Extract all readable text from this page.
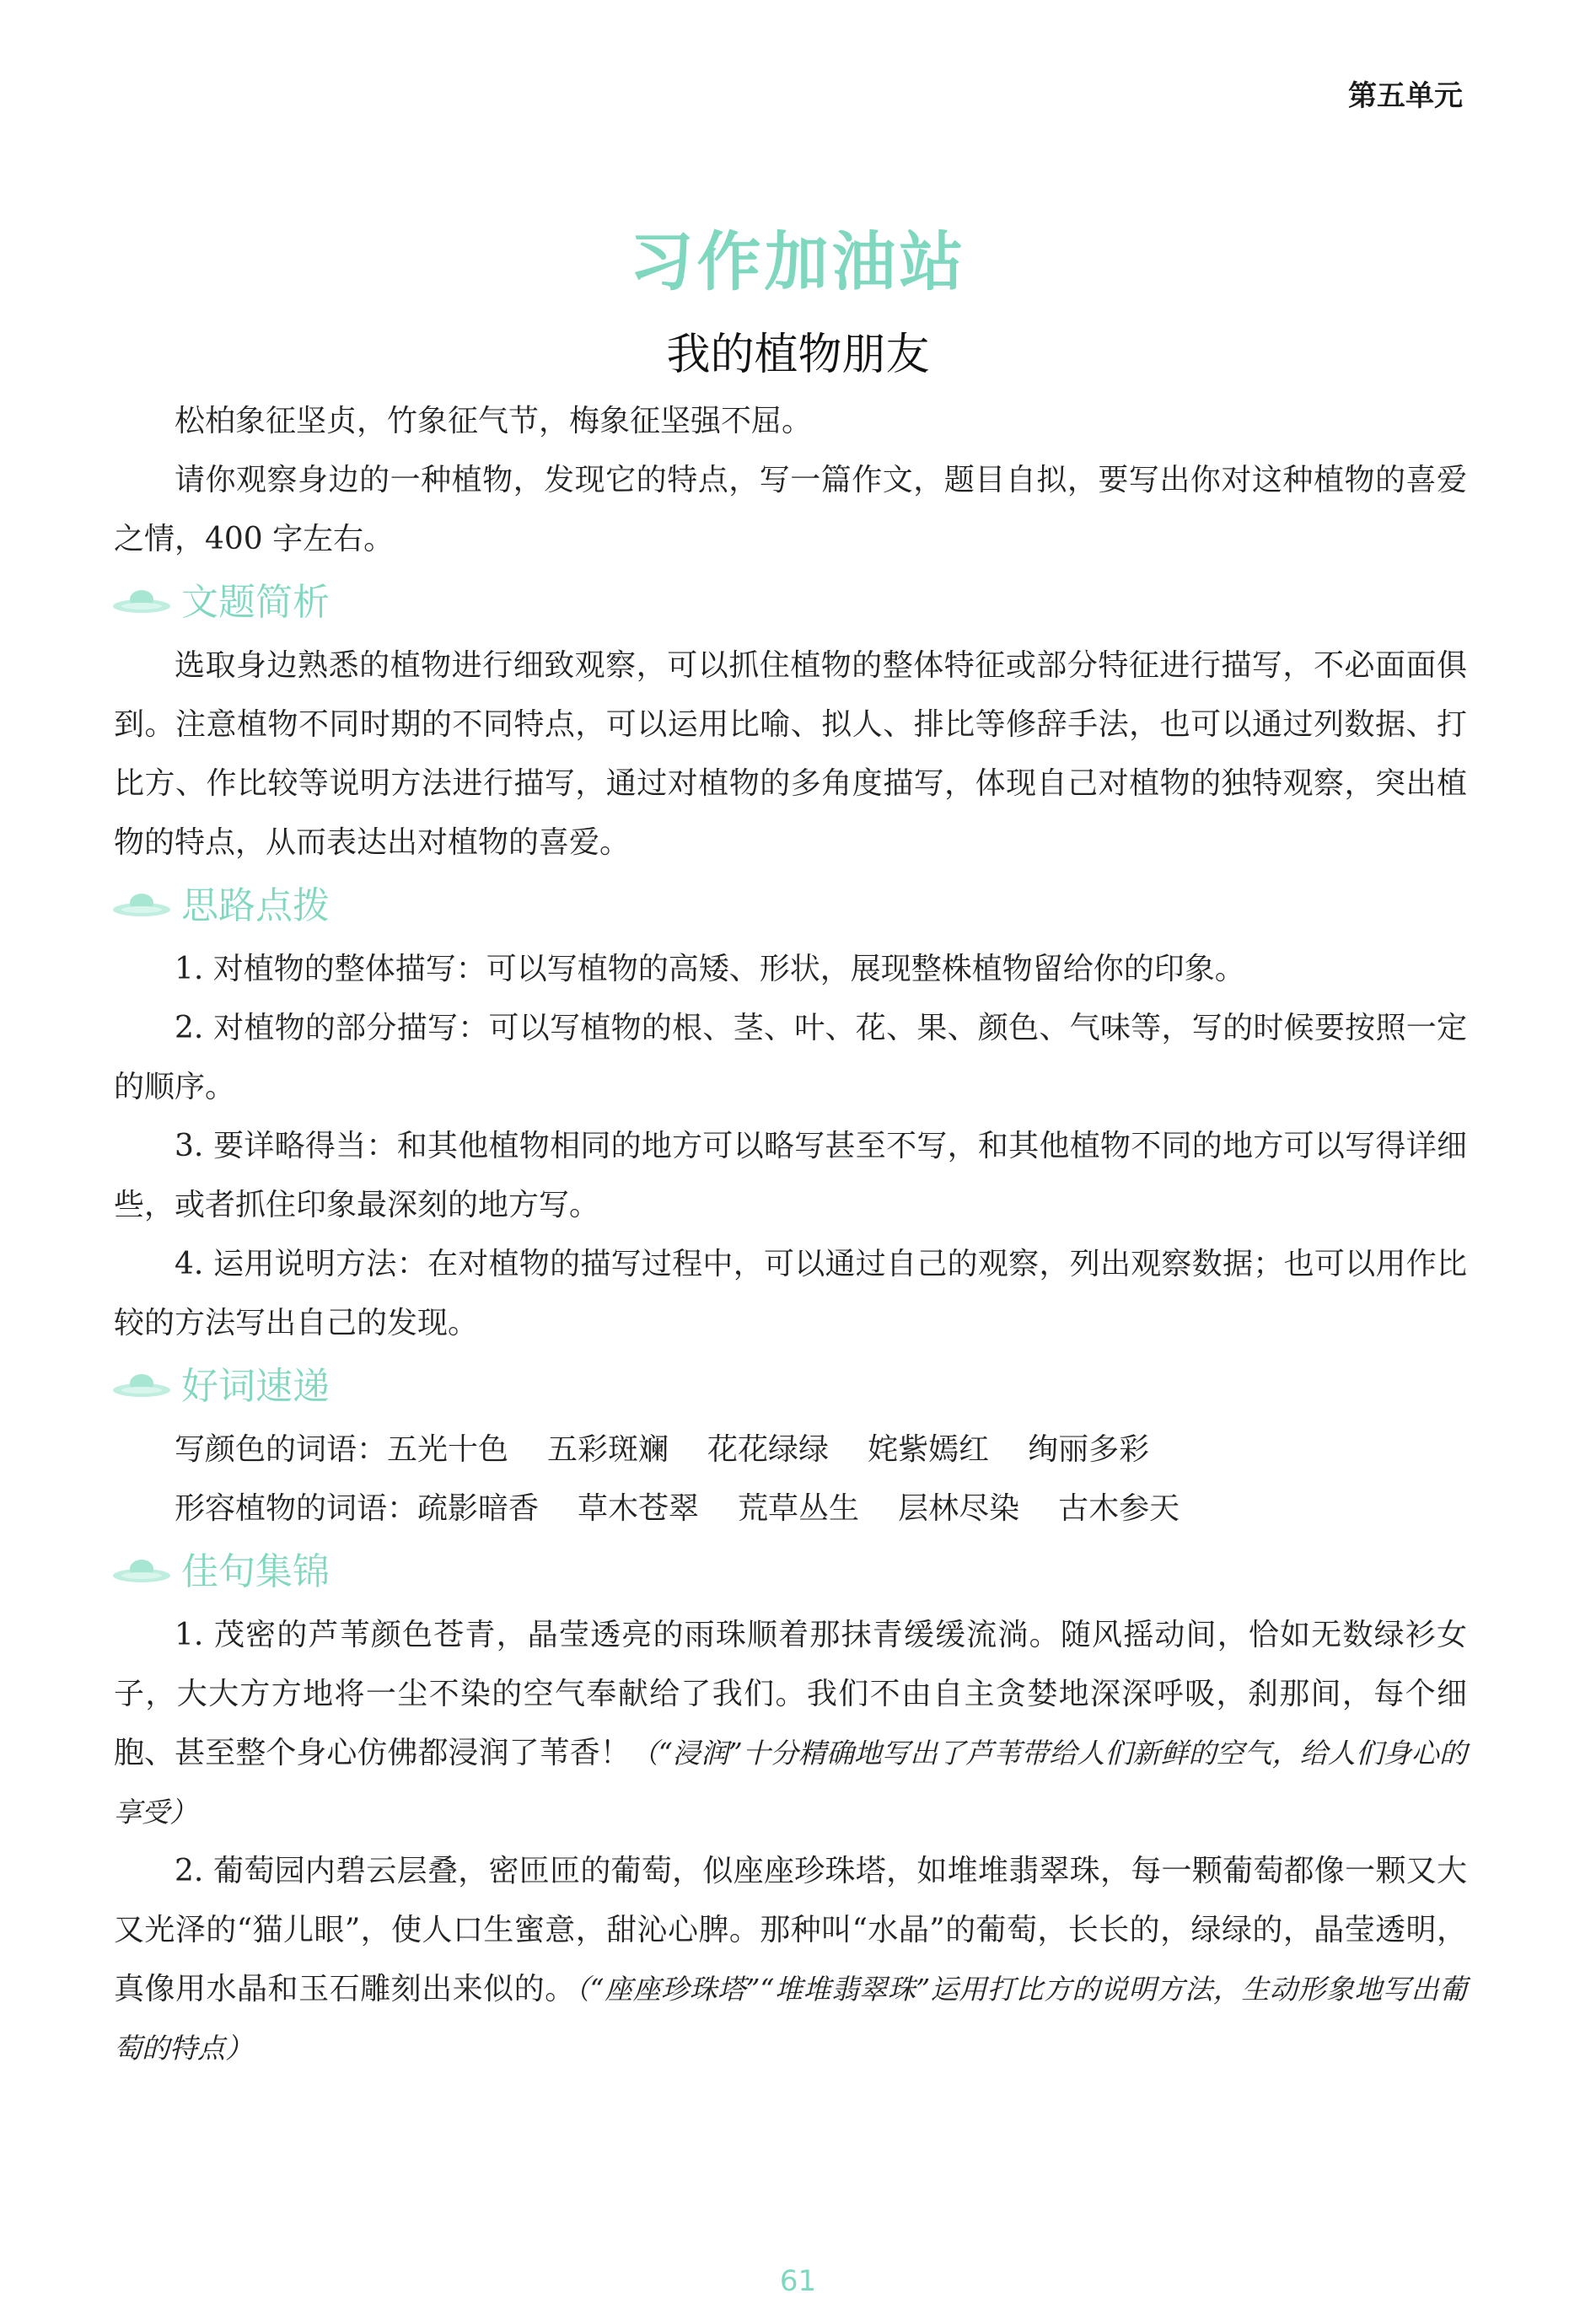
第五单元
习作加油站
我的植物朋友

松柏象征坚贞，竹象征气节，梅象征坚强不屈。

请你观察身边的一种植物，发现它的特点，写一篇作文，题目自拟，要写出你对这种植物的喜爱之情，400 字左右。

文题简析

选取身边熟悉的植物进行细致观察，可以抓住植物的整体特征或部分特征进行描写，不必面面俱到。注意植物不同时期的不同特点，可以运用比喻、拟人、排比等修辞手法，也可以通过列数据、打比方、作比较等说明方法进行描写，通过对植物的多角度描写，体现自己对植物的独特观察，突出植物的特点，从而表达出对植物的喜爱。

思路点拨

1. 对植物的整体描写：可以写植物的高矮、形状，展现整株植物留给你的印象。

2. 对植物的部分描写：可以写植物的根、茎、叶、花、果、颜色、气味等，写的时候要按照一定的顺序。

3. 要详略得当：和其他植物相同的地方可以略写甚至不写，和其他植物不同的地方可以写得详细些，或者抓住印象最深刻的地方写。

4. 运用说明方法：在对植物的描写过程中，可以通过自己的观察，列出观察数据；也可以用作比较的方法写出自己的发现。

好词速递
写颜色的词语：五光十色 五彩斑斓 花花绿绿 姹紫嫣红 绚丽多彩
形容植物的词语：疏影暗香 草木苍翠 荒草丛生 层林尽染 古木参天
佳句集锦

1. 茂密的芦苇颜色苍青，晶莹透亮的雨珠顺着那抹青缓缓流淌。随风摇动间，恰如无数绿衫女子，大大方方地将一尘不染的空气奉献给了我们。我们不由自主贪婪地深深呼吸，刹那间，每个细胞、甚至整个身心仿佛都浸润了苇香！（“浸润”十分精确地写出了芦苇带给人们新鲜的空气，给人们身心的享受）

2. 葡萄园内碧云层叠，密匝匝的葡萄，似座座珍珠塔，如堆堆翡翠珠，每一颗葡萄都像一颗又大又光泽的“猫儿眼”，使人口生蜜意，甜沁心脾。那种叫“水晶”的葡萄，长长的，绿绿的，晶莹透明，真像用水晶和玉石雕刻出来似的。（“座座珍珠塔”“堆堆翡翠珠”运用打比方的说明方法，生动形象地写出葡萄的特点）

61
